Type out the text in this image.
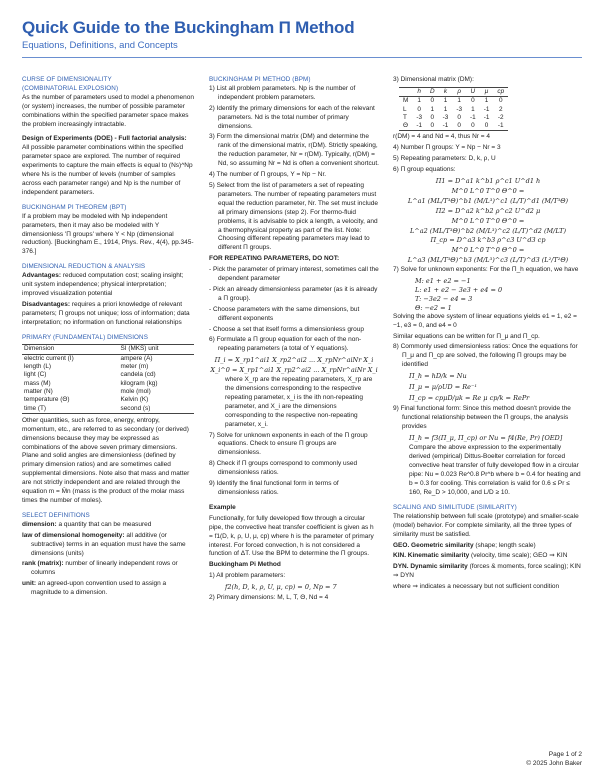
Quick Guide to the Buckingham Π Method
Equations, Definitions, and Concepts
CURSE OF DIMENSIONALITY
(COMBINATORIAL EXPLOSION)
As the number of parameters used to model a phenomenon (or system) increases, the number of possible parameter combinations within the specified parameter space makes the problem increasingly intractable.
Design of Experiments (DOE) - Full factorial analysis: All possible parameter combinations within the specified parameter space are explored. The number of required experiments to capture the main effects is equal to (Ns)^Np where Ns is the number of levels (number of samples across each parameter range) and Np is the number of independent parameters.
BUCKINGHAM PI THEOREM (BPT)
If a problem may be modeled with Np independent parameters, then it may also be modeled with Y dimensionless 'Π groups' where Y < Np (dimensional reduction). [Buckingham E., 1914, Phys. Rev., 4(4), pp.345-376.]
DIMENSIONAL REDUCTION & ANALYSIS
Advantages: reduced computation cost; scaling insight; unit system independence; physical interpretation; improved visualization potential
Disadvantages: requires a priori knowledge of relevant parameters; Π groups not unique; loss of information; data interpretation; no information on functional relationships
PRIMARY (FUNDAMENTAL) DIMENSIONS
Dimension	SI (MKS) unit
electric current (I)	ampere (A)
length (L)	meter (m)
light (C)	candela (cd)
mass (M)	kilogram (kg)
matter (N)	mole (mol)
temperature (Θ)	Kelvin (K)
time (T)	second (s)
Other quantities, such as force, energy, entropy, momentum, etc., are referred to as secondary (or derived) dimensions because they may be expressed as combinations of the above seven primary dimensions. Plane and solid angles are dimensionless (defined by primary dimension ratios) and are sometimes called supplemental dimensions. Note also that mass and matter are not strictly independent and are related through the equation m = M̄n (mass is the product of the molar mass times the number of moles).
SELECT DEFINITIONS
dimension: a quantity that can be measured
law of dimensional homogeneity: all additive (or subtractive) terms in an equation must have the same dimensions (units)
rank (matrix): number of linearly independent rows or columns
unit: an agreed-upon convention used to assign a magnitude to a dimension.
BUCKINGHAM PI METHOD (BPM)
1) List all problem parameters. Np is the number of independent problem parameters.
2) Identify the primary dimensions for each of the relevant parameters. Nd is the total number of primary dimensions.
3) Form the dimensional matrix (DM) and determine the rank of the dimensional matrix, r(DM). Strictly speaking, the reduction parameter, Nr = r(DM). Typically, r(DM) = Nd, so assuming Nr = Nd is often a convenient shortcut.
4) The number of Π groups, Y = Np − Nr.
5) Select from the list of parameters a set of repeating parameters. The number of repeating parameters must equal the reduction parameter, Nr. The set must include all primary dimensions (step 2). For thermo-fluid problems, it is advisable to pick a length, a velocity, and a thermophysical property as part of the list. Note: Choosing different repeating parameters may lead to different Π groups.
FOR REPEATING PARAMETERS, DO NOT:
- Pick the parameter of primary interest, sometimes call the dependent parameter
- Pick an already dimensionless parameter (as it is already a Π group).
- Choose parameters with the same dimensions, but different exponents
- Choose a set that itself forms a dimensionless group
6) Formulate a Π group equation for each of the non-repeating parameters (a total of Y equations).
Π_i = X_rp1^ai1 X_rp2^ai2 ... X_rpNr^aiNr X_i
X_i^0 = X_rp1^ai1 X_rp2^ai2 ... X_rpNr^aiNr X_i
where X_rp are the repeating parameters, X_rp are the dimensions corresponding to the respective repeating parameter, x_i is the ith non-repeating parameter, and X_i are the dimensions corresponding to the respective non-repeating parameter, x_i.
7) Solve for unknown exponents in each of the Π group equations. Check to ensure Π groups are dimensionless.
8) Check if Π groups correspond to commonly used dimensionless ratios.
9) Identify the final functional form in terms of dimensionless ratios.
Example
Functionally, for fully developed flow through a circular pipe, the convective heat transfer coefficient is given as h = f1(D, k, ρ, U, μ, cp) where h is the parameter of primary interest. For forced convection, h is not considered a function of ΔT. Use the BPM to determine the Π groups.
Buckingham Pi Method
1) All problem parameters:
f2(h, D, k, ρ, U, μ, cp) = 0, Np = 7
2) Primary dimensions: M, L, T, Θ, Nd = 4
3) Dimensional matrix (DM):
	h	D	k	ρ	U	μ	cp
M	1	0	1	1	0	1	0
L	0	1	1	-3	1	-1	2
T	-3	0	-3	0	-1	-1	-2
Θ	-1	0	-1	0	0	0	-1
r(DM) = 4 and Nd = 4, thus Nr = 4
4) Number Π groups: Y = Np − Nr = 3
5) Repeating parameters: D, k, ρ, U
6) Π group equations:
Π1 = D^a1 k^b1 ρ^c1 U^d1 h
M^0 L^0 T^0 Θ^0 =
L^a1 (ML/T³Θ)^b1 (M/L³)^c1 (L/T)^d1 (M/T³Θ)
Π2 = D^a2 k^b2 ρ^c2 U^d2 μ
M^0 L^0 T^0 Θ^0 =
L^a2 (ML/T³Θ)^b2 (M/L³)^c2 (L/T)^d2 (M/LT)
Π_cp = D^a3 k^b3 ρ^c3 U^d3 cp
M^0 L^0 T^0 Θ^0 =
L^a3 (ML/T³Θ)^b3 (M/L³)^c3 (L/T)^d3 (L²/T²Θ)
7) Solve for unknown exponents: For the Π_h equation, we have
M: e1 + e2 = −1
L: e1 + e2 − 3e3 + e4 = 0
T: −3e2 − e4 = 3
Θ: −e2 = 1
Solving the above system of linear equations yields e1 = 1, e2 = −1, e3 = 0, and e4 = 0
Similar equations can be written for Π_μ and Π_cp.
8) Commonly used dimensionless ratios: Once the equations for Π_μ and Π_cp are solved, the following Π groups may be identified
Π_h = hD/k = Nu
Π_μ = μ/ρUD = Re⁻¹
Π_cp = cpμD/μk = Re μ cp/k = RePr
9) Final functional form: Since this method doesn't provide the functional relationship between the Π groups, the analysis provides
Π_h = f3(Π_μ, Π_cp) or Nu = f4(Re, Pr) [OED]
Compare the above expression to the experimentally derived (empirical) Dittus-Boelter correlation for forced convective heat transfer of fully developed flow in a circular pipe: Nu = 0.023 Re^0.8 Pr^b where b = 0.4 for heating and b = 0.3 for cooling. This correlation is valid for 0.6 ≤ Pr ≤ 160, Re_D > 10,000, and L/D ≥ 10.
SCALING AND SIMILITUDE (SIMILARITY)
The relationship between full scale (prototype) and smaller-scale (model) behavior. For complete similarity, all the three types of similarity must be satisfied.
GEO. Geometric similarity (shape; length scale)
KIN. Kinematic similarity (velocity, time scale); GEO ⇒ KIN
DYN. Dynamic similarity (forces & moments, force scaling); KIN ⇒ DYN
where ⇒ indicates a necessary but not sufficient condition
Page 1 of 2
© 2025 John Baker
